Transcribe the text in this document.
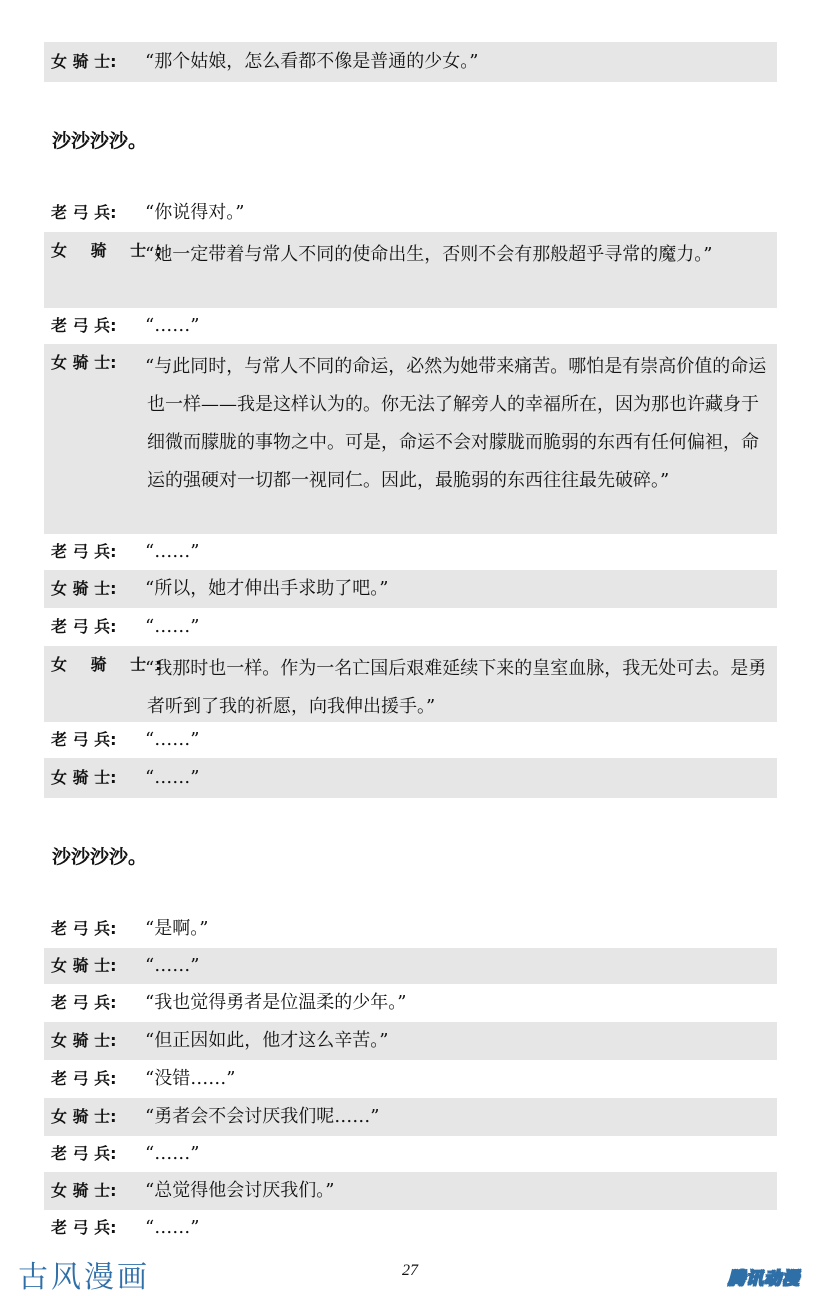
女 骑 士:	“那个姑娘，怎么看都不像是普通的少女。”
沙沙沙沙。
老 弓 兵:	“你说得对。”
女 骑 士:
“她一定带着与常人不同的使命出生，否则不会有那般超乎寻常的魔力。”
老 弓 兵:	“……”
女 骑 士:	“与此同时，与常人不同的命运，必然为她带来痛苦。哪怕是有崇高价值的命运也一样——我是这样认为的。你无法了解旁人的幸福所在，因为那也许藏身于细微而朦胧的事物之中。可是，命运不会对朦胧而脆弱的东西有任何偏袒，命运的强硬对一切都一视同仁。因此，最脆弱的东西往往最先破碎。”
老 弓 兵:	“……”
女 骑 士:	“所以，她才伸出手求助了吧。”
老 弓 兵:	“……”
女 骑 士:
“我那时也一样。作为一名亡国后艰难延续下来的皇室血脉，我无处可去。是勇者听到了我的祈愿，向我伸出援手。”
老 弓 兵:	“……”
女 骑 士:	“……”
沙沙沙沙。
老 弓 兵:	“是啊。”
女 骑 士:	“……”
老 弓 兵:	“我也觉得勇者是位温柔的少年。”
女 骑 士:	“但正因如此，他才这么辛苦。”
老 弓 兵:	“没错……”
女 骑 士:	“勇者会不会讨厌我们呢……”
老 弓 兵:	“……”
女 骑 士:	“总觉得他会讨厌我们。”
老 弓 兵:	“……”
27
古风漫画	腾讯动漫
